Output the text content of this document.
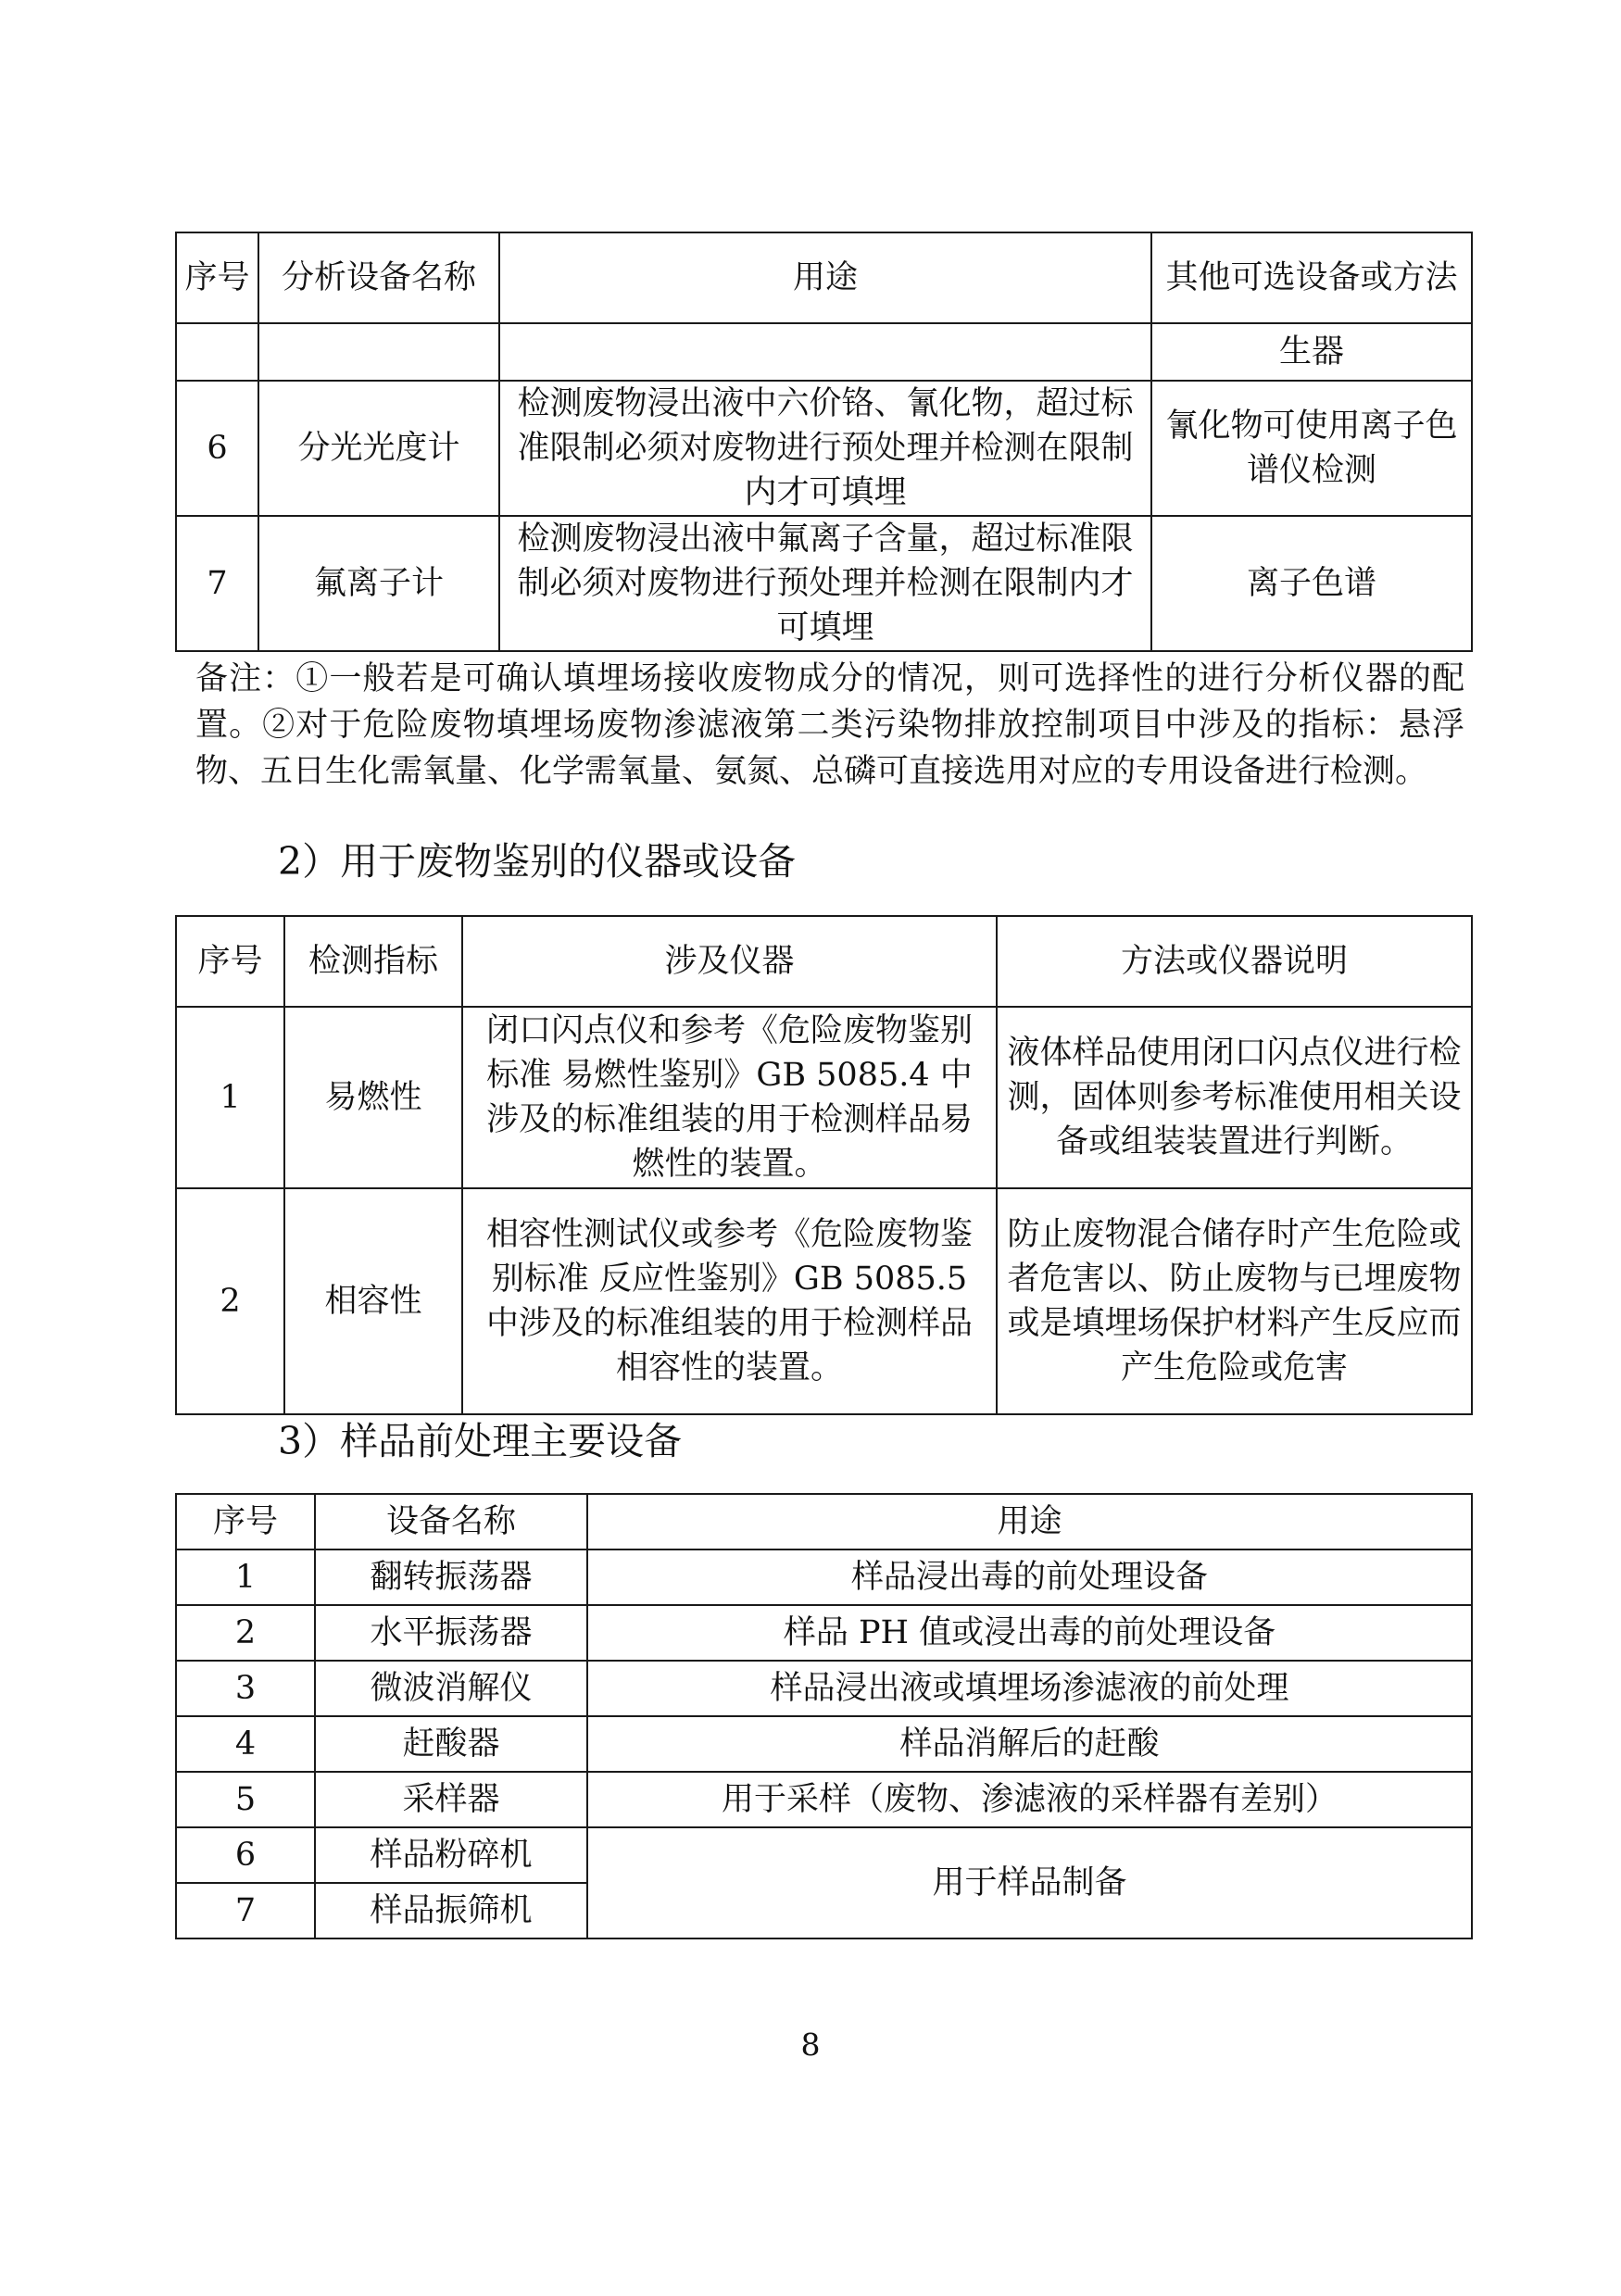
序号	分析设备名称	用途	其他可选设备或方法
			生器
6	分光光度计	检测废物浸出液中六价铬、氰化物，超过标准限制必须对废物进行预处理并检测在限制内才可填埋	氰化物可使用离子色谱仪检测
7	氟离子计	检测废物浸出液中氟离子含量，超过标准限制必须对废物进行预处理并检测在限制内才可填埋	离子色谱

备注：①一般若是可确认填埋场接收废物成分的情况，则可选择性的进行分析仪器的配置。②对于危险废物填埋场废物渗滤液第二类污染物排放控制项目中涉及的指标：悬浮物、五日生化需氧量、化学需氧量、氨氮、总磷可直接选用对应的专用设备进行检测。

2）用于废物鉴别的仪器或设备

序号	检测指标	涉及仪器	方法或仪器说明
1	易燃性	闭口闪点仪和参考《危险废物鉴别标准 易燃性鉴别》GB 5085.4 中涉及的标准组装的用于检测样品易燃性的装置。	液体样品使用闭口闪点仪进行检测，固体则参考标准使用相关设备或组装装置进行判断。
2	相容性	相容性测试仪或参考《危险废物鉴别标准 反应性鉴别》GB 5085.5 中涉及的标准组装的用于检测样品相容性的装置。	防止废物混合储存时产生危险或者危害以、防止废物与已埋废物或是填埋场保护材料产生反应而产生危险或危害

3）样品前处理主要设备

序号	设备名称	用途
1	翻转振荡器	样品浸出毒的前处理设备
2	水平振荡器	样品 PH 值或浸出毒的前处理设备
3	微波消解仪	样品浸出液或填埋场渗滤液的前处理
4	赶酸器	样品消解后的赶酸
5	采样器	用于采样（废物、渗滤液的采样器有差别）
6	样品粉碎机	用于样品制备
7	样品振筛机	
8
